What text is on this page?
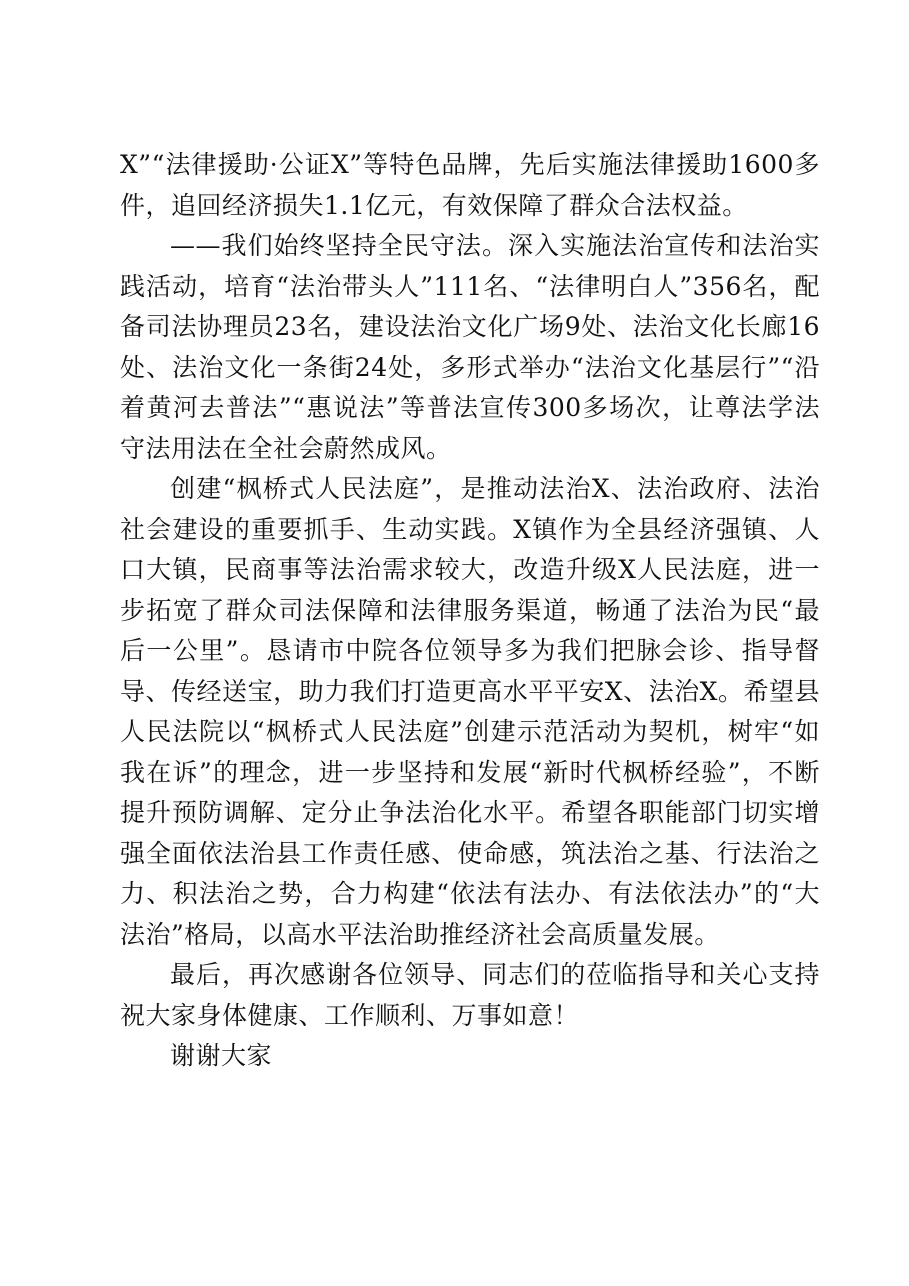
X”“法律援助·公证X”等特色品牌，先后实施法律援助1600多件，追回经济损失1.1亿元，有效保障了群众合法权益。

——我们始终坚持全民守法。深入实施法治宣传和法治实践活动，培育“法治带头人”111名、“法律明白人”356名，配备司法协理员23名，建设法治文化广场9处、法治文化长廊16处、法治文化一条街24处，多形式举办“法治文化基层行”“沿着黄河去普法”“惠说法”等普法宣传300多场次，让尊法学法守法用法在全社会蔚然成风。

创建“枫桥式人民法庭”，是推动法治X、法治政府、法治社会建设的重要抓手、生动实践。X镇作为全县经济强镇、人口大镇，民商事等法治需求较大，改造升级X人民法庭，进一步拓宽了群众司法保障和法律服务渠道，畅通了法治为民“最后一公里”。恳请市中院各位领导多为我们把脉会诊、指导督导、传经送宝，助力我们打造更高水平平安X、法治X。希望县人民法院以“枫桥式人民法庭”创建示范活动为契机，树牢“如我在诉”的理念，进一步坚持和发展“新时代枫桥经验”，不断提升预防调解、定分止争法治化水平。希望各职能部门切实增强全面依法治县工作责任感、使命感，筑法治之基、行法治之力、积法治之势，合力构建“依法有法办、有法依法办”的“大法治”格局，以高水平法治助推经济社会高质量发展。

最后，再次感谢各位领导、同志们的莅临指导和关心支持祝大家身体健康、工作顺利、万事如意！

谢谢大家
